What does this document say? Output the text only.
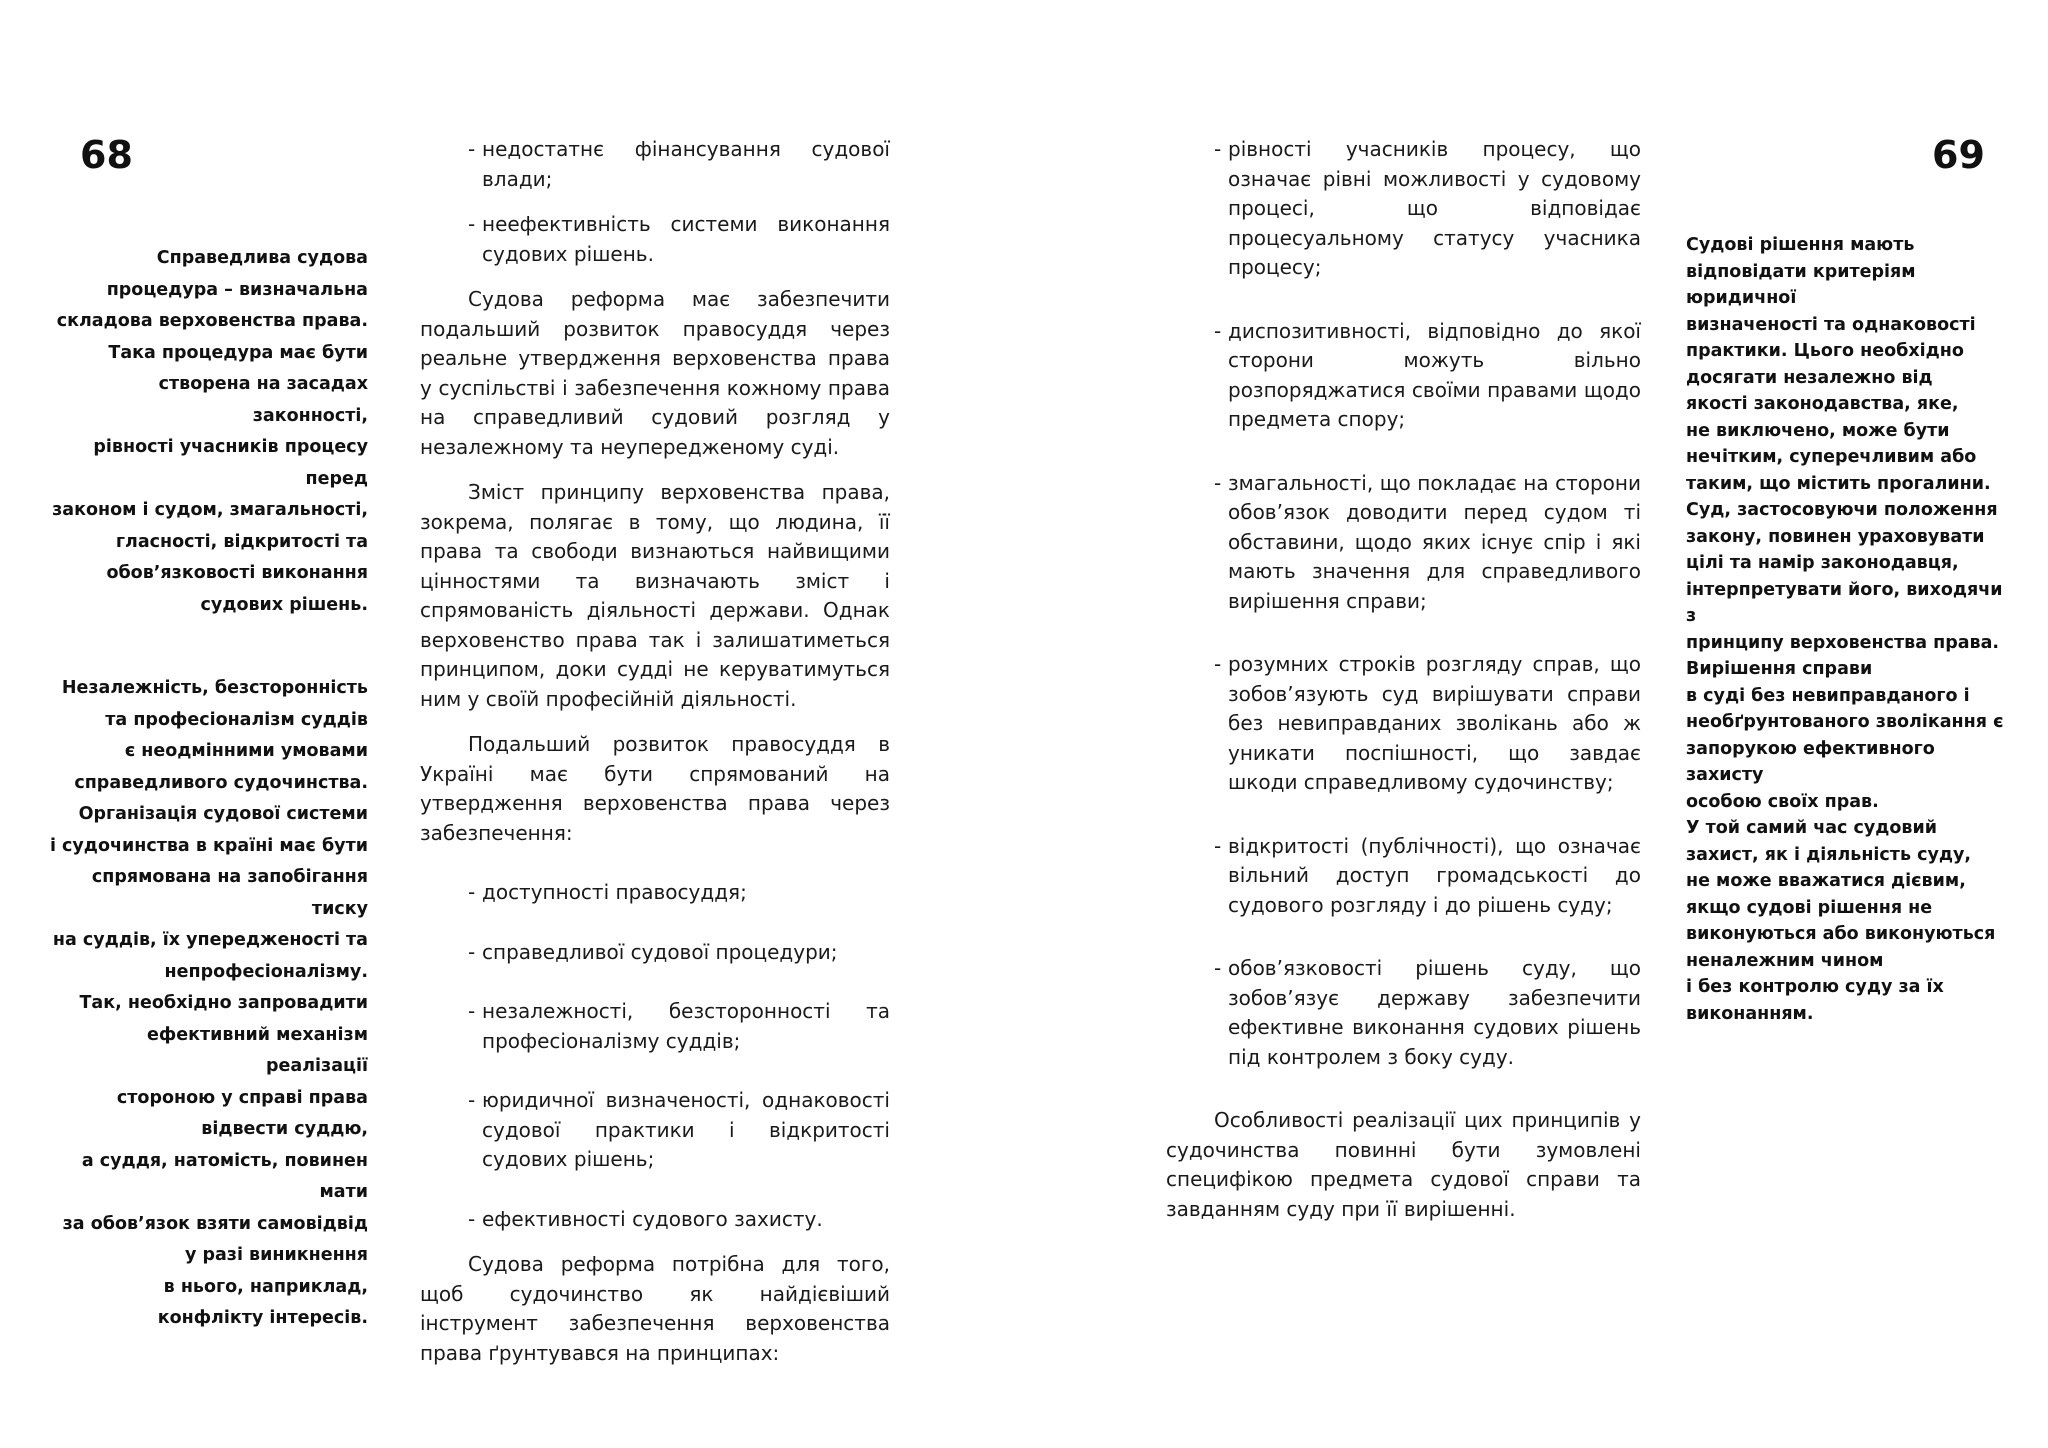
68	69

Справедлива судова

процедура – визначальна

складова верховенства права.

Така процедура має бути

створена на засадах законності,

рівності учасників процесу перед

законом і судом, змагальності,

гласності, відкритості та

обов’язковості виконання

судових рішень.

Незалежність, безсторонність

та професіоналізм суддів

є неодмінними умовами

справедливого судочинства.

Організація судової системи

і судочинства в країні має бути

спрямована на запобігання тиску

на суддів, їх упередженості та

непрофесіоналізму.

Так, необхідно запровадити

ефективний механізм реалізації

стороною у справі права

відвести суддю,

а суддя, натомість, повинен мати

за обов’язок взяти самовідвід

у разі виникнення

в нього, наприклад,

конфлікту інтересів.

- недостатнє фінансування судової влади;
- неефективність системи виконання судових рішень.

Судова реформа має забезпечити подальший розвиток правосуддя через реальне утвердження верховенства права у суспільстві і забезпечення кожному права на справедливий судовий розгляд у незалежному та неупередженому суді.

Зміст принципу верховенства права, зокрема, полягає в тому, що людина, її права та свободи визнаються найвищими цінностями та визначають зміст і спрямованість діяльності держави. Однак верховенство права так і залишатиметься принципом, доки судді не керуватимуться ним у своїй професійній діяльності.

Подальший розвиток правосуддя в Україні має бути спрямований на утвердження верховенства права через забезпечення:

- доступності правосуддя;
- справедливої судової процедури;
- незалежності, безсторонності та професіоналізму суддів;
- юридичної визначеності, однаковості судової практики і відкритості судових рішень;
- ефективності судового захисту.

Судова реформа потрібна для того, щоб судочинство як найдієвіший інструмент забезпечення верховенства права ґрунтувався на принципах:

- рівності учасників процесу, що означає рівні можливості у судовому процесі, що відповідає процесуальному статусу учасника процесу;
- диспозитивності, відповідно до якої сторони можуть вільно розпоряджатися своїми правами щодо предмета спору;
- змагальності, що покладає на сторони обов’язок доводити перед судом ті обставини, щодо яких існує спір і які мають значення для справедливого вирішення справи;
- розумних строків розгляду справ, що зобов’язують суд вирішувати справи без невиправданих зволікань або ж уникати поспішності, що завдає шкоди справедливому судочинству;
- відкритості (публічності), що означає вільний доступ громадськості до судового розгляду і до рішень суду;
- обов’язковості рішень суду, що зобов’язує державу забезпечити ефективне виконання судових рішень під контролем з боку суду.

Особливості реалізації цих принципів у судочинства повинні бути зумовлені специфікою предмета судової справи та завданням суду при її вирішенні.

Судові рішення мають

відповідати критеріям юридичної

визначеності та однаковості

практики. Цього необхідно

досягати незалежно від

якості законодавства, яке,

не виключено, може бути

нечітким, суперечливим або

таким, що містить прогалини.

Суд, застосовуючи положення

закону, повинен ураховувати

цілі та намір законодавця,

інтерпретувати його, виходячи з

принципу верховенства права.

Вирішення справи

в суді без невиправданого і

необґрунтованого зволікання є

запорукою ефективного захисту

особою своїх прав.

У той самий час судовий

захист, як і діяльність суду,

не може вважатися дієвим,

якщо судові рішення не

виконуються або виконуються

неналежним чином

і без контролю суду за їх

виконанням.
